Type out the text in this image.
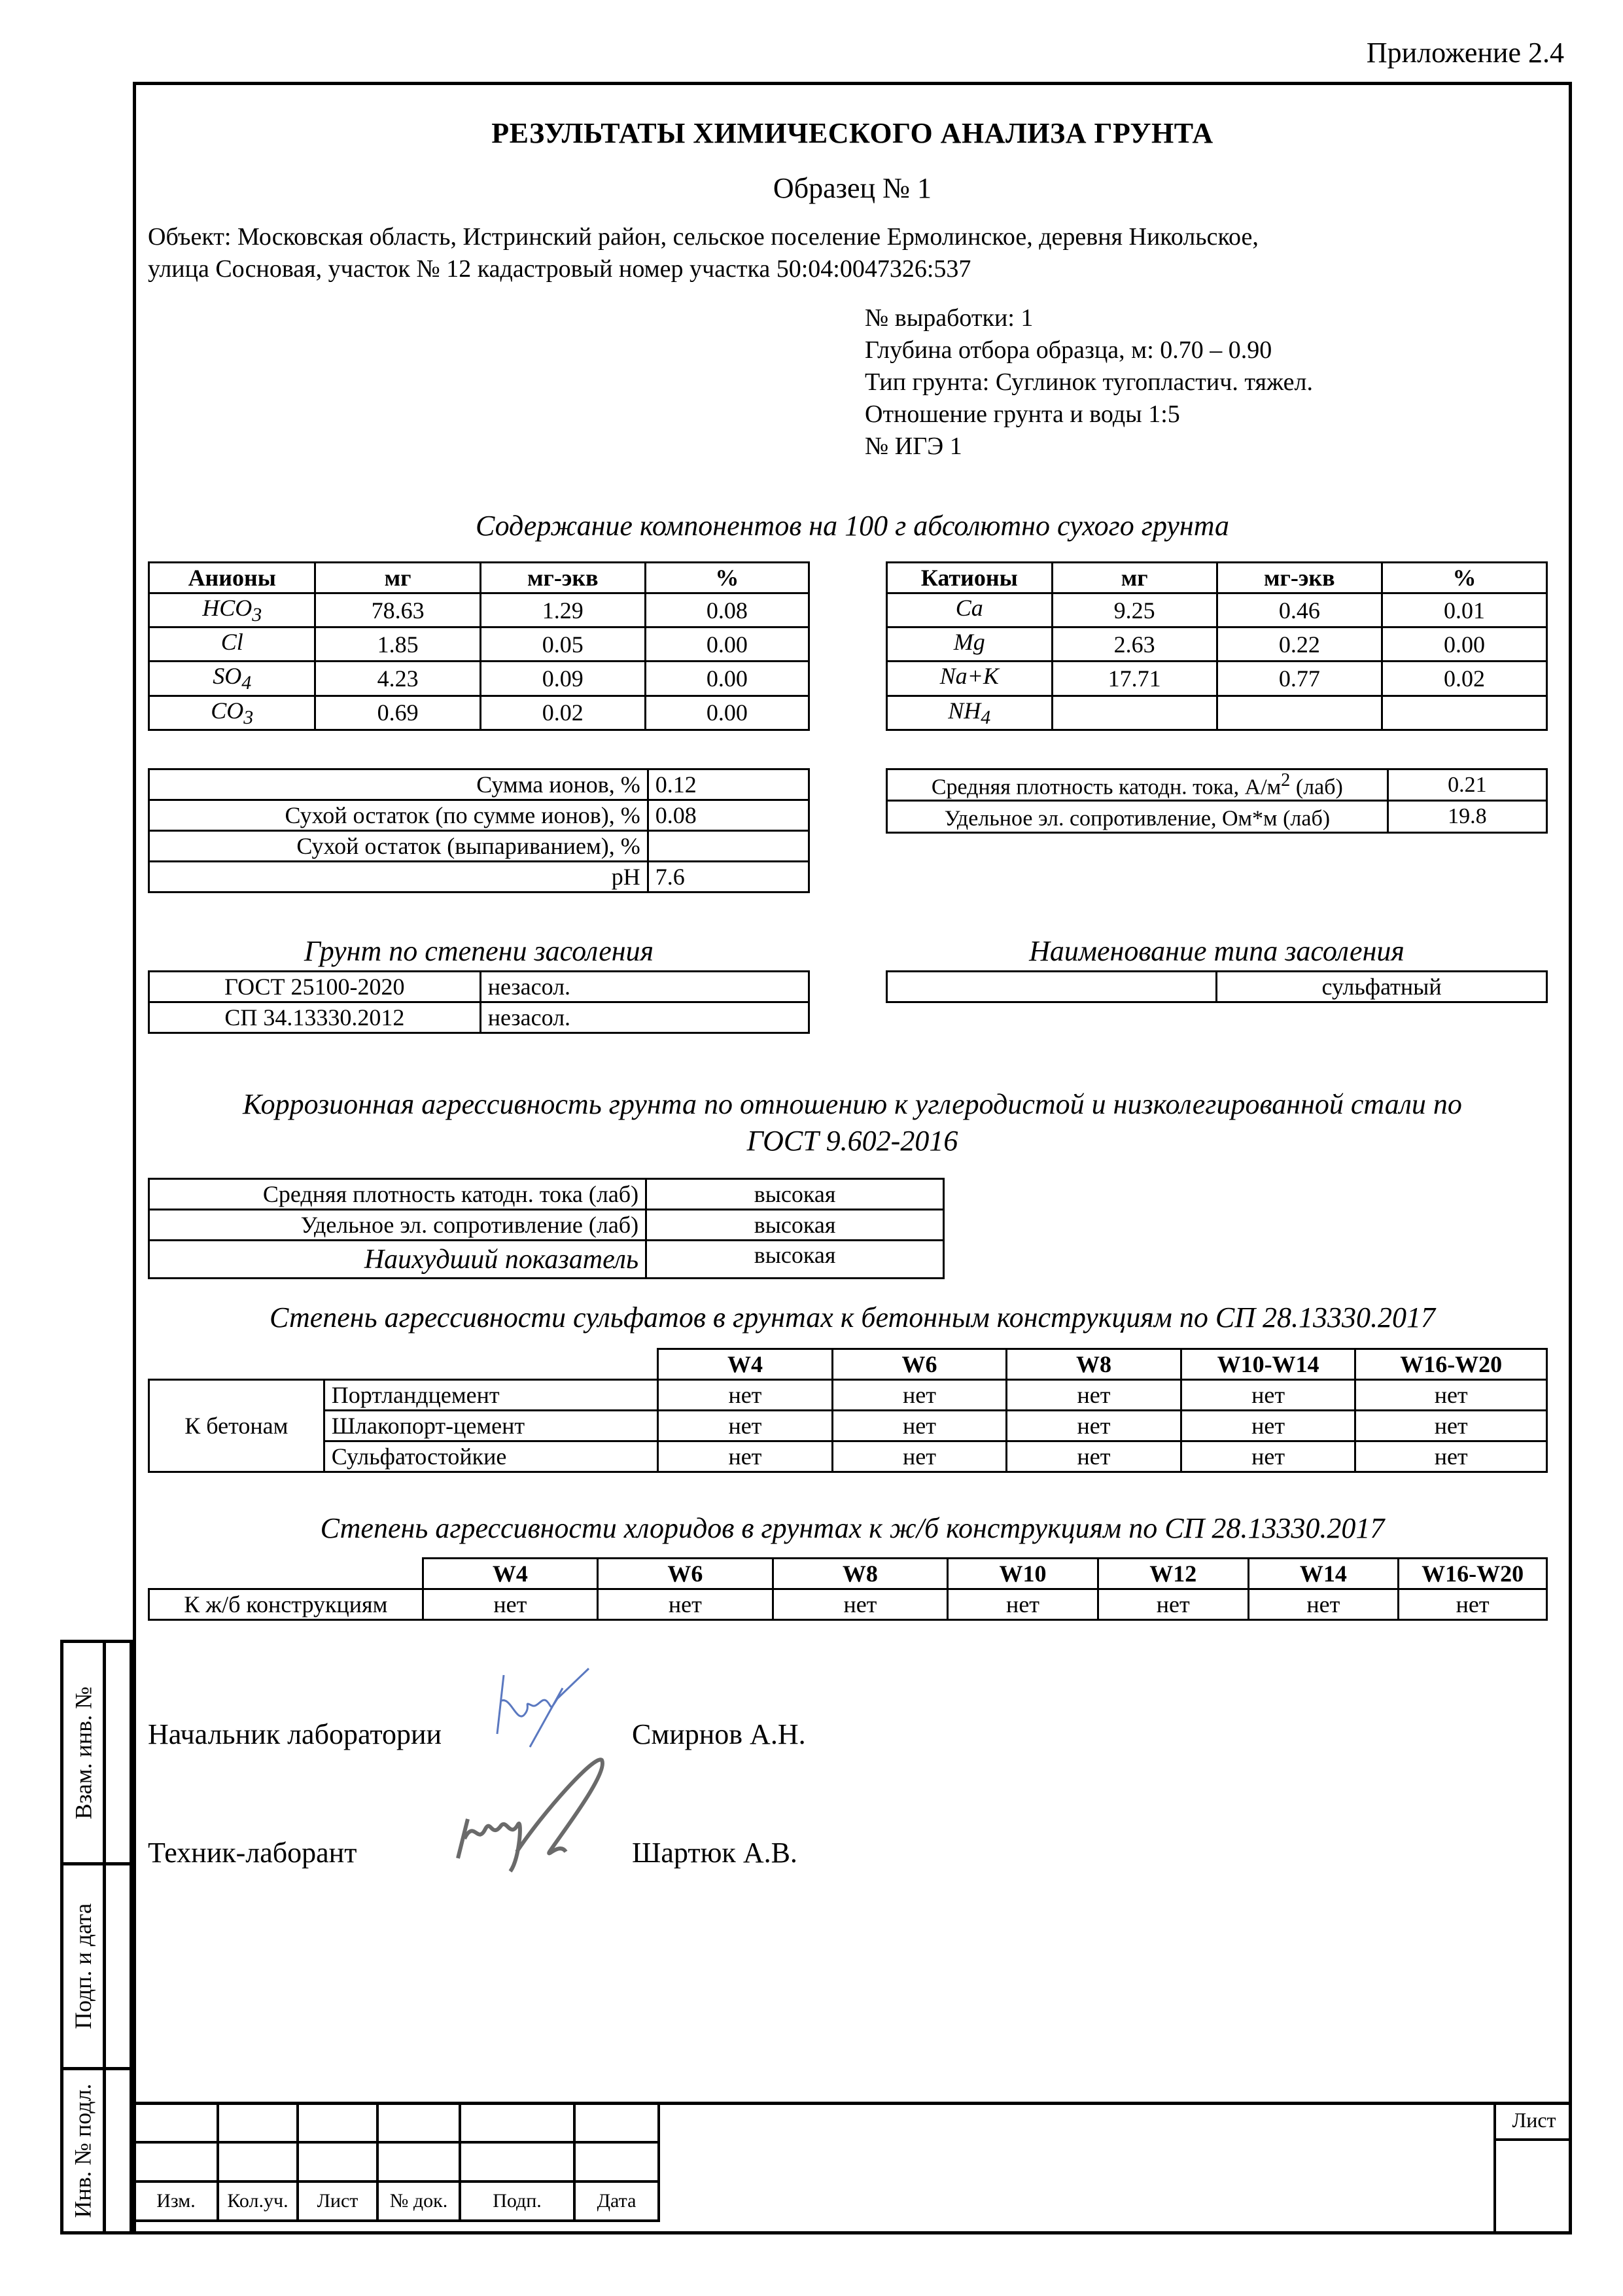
Приложение 2.4
РЕЗУЛЬТАТЫ ХИМИЧЕСКОГО АНАЛИЗА ГРУНТА
Образец № 1
Объект: Московская область, Истринский район, сельское поселение Ермолинское, деревня Никольское,
улица Сосновая, участок № 12 кадастровый номер участка 50:04:0047326:537
№ выработки: 1
Глубина отбора образца, м: 0.70 – 0.90
Тип грунта: Суглинок тугопластич. тяжел.
Отношение грунта и воды 1:5
№ ИГЭ 1
Содержание компонентов на 100 г абсолютно сухого грунта
Анионы	мг	мг-экв	%
$HCO_3$	78.63	1.29	0.08
Cl	1.85	0.05	0.00
$SO_4$	4.23	0.09	0.00
$CO_3$	0.69	0.02	0.00
Катионы	мг	мг-экв	%
Ca	9.25	0.46	0.01
Mg	2.63	0.22	0.00
Na+K	17.71	0.77	0.02
$NH_4$			
Сумма ионов, %	0.12
Сухой остаток (по сумме ионов), %	0.08
Сухой остаток (выпариванием), %	
pH	7.6
Средняя плотность катодн. тока, $А/м^2$ (лаб)	0.21
Удельное эл. сопротивление, Ом*м (лаб)	19.8
Грунт по степени засоления
ГОСТ 25100-2020	незасол.
СП 34.13330.2012	незасол.
Наименование типа засоления
	сульфатный
Коррозионная агрессивность грунта по отношению к углеродистой и низколегированной стали по
ГОСТ 9.602-2016
Средняя плотность катодн. тока (лаб)	высокая
Удельное эл. сопротивление (лаб)	высокая
Наихудший показатель	высокая
Степень агрессивности сульфатов в грунтах к бетонным конструкциям по СП 28.13330.2017
		W4	W6	W8	W10-W14	W16-W20
К бетонам	Портландцемент	нет	нет	нет	нет	нет
	Шлакопорт-цемент	нет	нет	нет	нет	нет
	Сульфатостойкие	нет	нет	нет	нет	нет
Степень агрессивности хлоридов в грунтах к ж/б конструкциям по СП 28.13330.2017
	W4	W6	W8	W10	W12	W14	W16-W20
К ж/б конструкциям	нет	нет	нет	нет	нет	нет	нет
Начальник лаборатории	Смирнов А.Н.
Техник-лаборант	Шартюк А.В.
Взам. инв. №
Подп. и дата
Инв. № подл.

						Изм.	Кол.уч.	Лист	№ док.	Подп.	Дата
Лист
